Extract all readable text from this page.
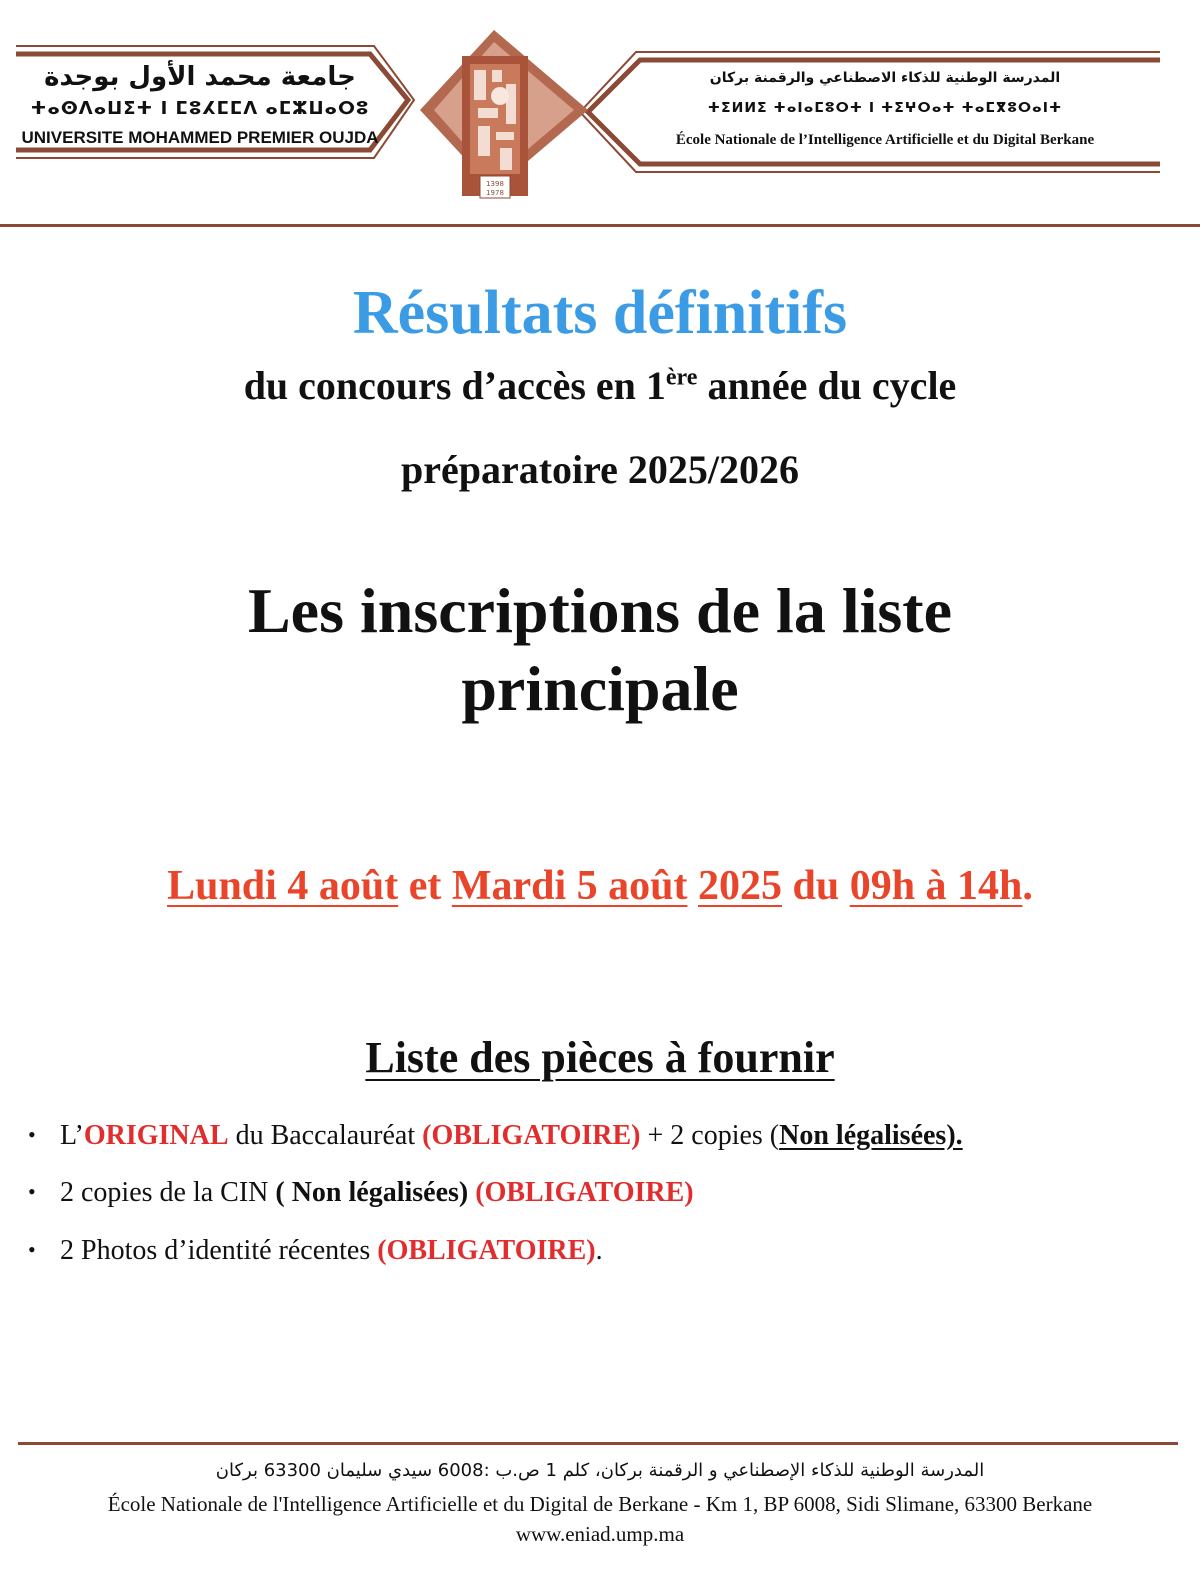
1398
1978
جامعة محمد الأول بوجدة
ⵜⴰⵙⴷⴰⵡⵉⵜ ⵏ ⵎⵓⵃⵎⵎⴷ ⴰⵎⵣⵡⴰⵔⵓ
UNIVERSITE MOHAMMED PREMIER OUJDA
المدرسة الوطنية للذكاء الاصطناعي والرقمنة بركان
ⵜⵉⵍⵍⵉ ⵜⴰⵏⴰⵎⵓⵔⵜ ⵏ ⵜⵉⵖⵔⴰⵜ ⵜⴰⵎⴳⵓⵔⴰⵏⵜ
École Nationale de l’Intelligence Artificielle et du Digital Berkane
Résultats définitifs
du concours d’accès en 1ère année du cycle
préparatoire 2025/2026
Les inscriptions de la liste
principale
Lundi 4 août et Mardi 5 août 2025 du 09h à 14h.
Liste des pièces à fournir
• L’ORIGINAL du Baccalauréat (OBLIGATOIRE) + 2 copies (Non légalisées).
• 2 copies de la CIN ( Non légalisées) (OBLIGATOIRE)
• 2 Photos d’identité récentes (OBLIGATOIRE).
المدرسة الوطنية للذكاء الإصطناعي و الرقمنة بركان، كلم 1 ص.ب :6008 سيدي سليمان 63300 بركان
École Nationale de l'Intelligence Artificielle et du Digital de Berkane - Km 1, BP 6008, Sidi Slimane, 63300 Berkane
www.eniad.ump.ma
